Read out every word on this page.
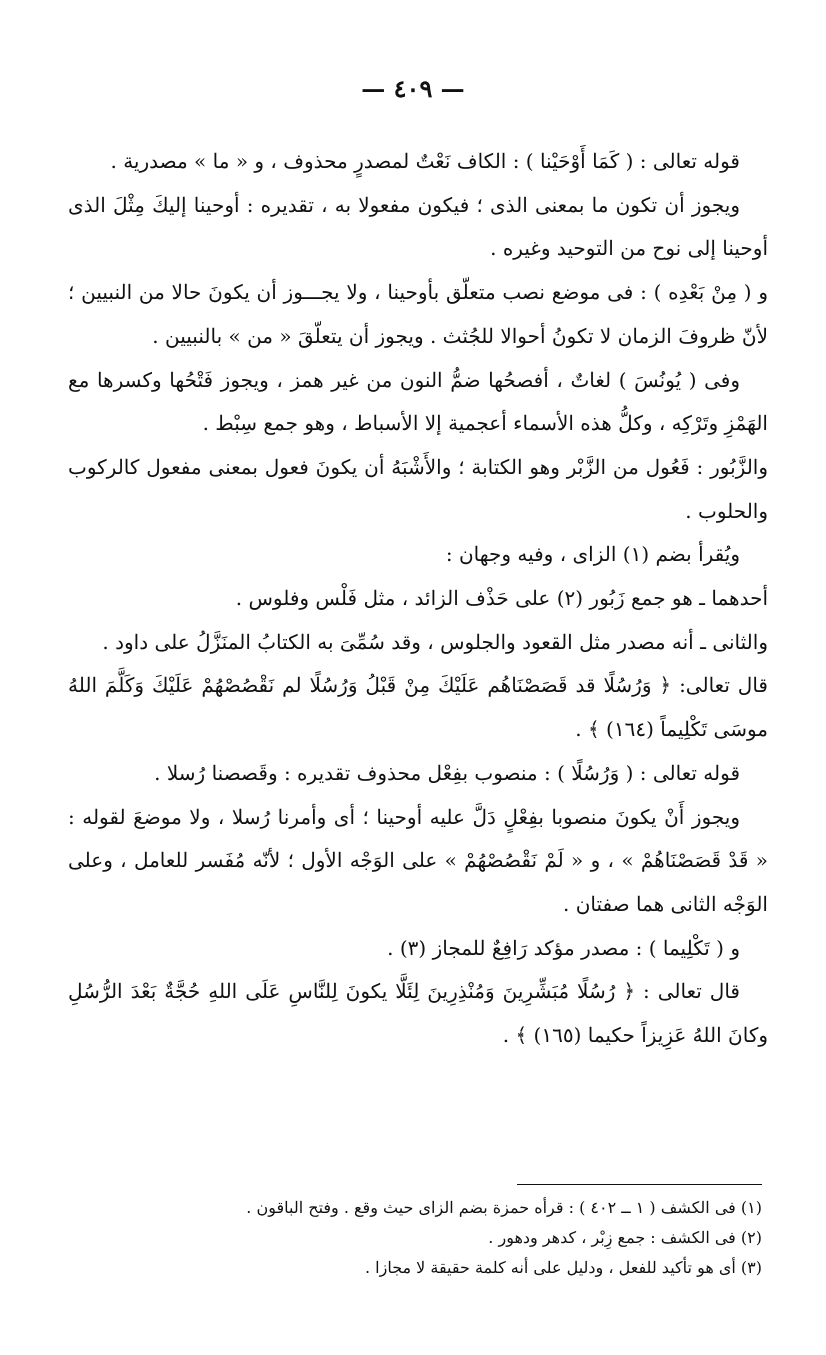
— ٤٠٩ —

قوله تعالى : ( كَمَا أَوْحَيْنا ) : الكاف نَعْتٌ لمصدرٍ محذوف ، و « ما » مصدرية .

ويجوز أن تكون ما بمعنى الذى ؛ فيكون مفعولا به ، تقديره : أوحينا إليكَ مِثْلَ الذى أوحينا إلى نوح من التوحيد وغيره .

و ( مِنْ بَعْدِه ) : فى موضع نصب متعلّق بأوحينا ، ولا يجـــوز أن يكونَ حالا من النبيين ؛ لأنّ ظروفَ الزمان لا تكونُ أحوالا للجُثث . ويجوز أن يتعلّقَ « من » بالنبيين .

وفى ( يُونُسَ ) لغاتٌ ، أفصحُها ضمُّ النون من غير همز ، ويجوز فَتْحُها وكسرها مع الهَمْزِ وتَرْكِه ، وكلُّ هذه الأسماء أعجمية إلا الأسباط ، وهو جمع سِبْط .

والزَّبُور : فَعُول من الزَّبْر وهو الكتابة ؛ والأَشْبَهُ أن يكونَ فعول بمعنى مفعول كالركوب والحلوب .

ويُقرأ بضم (١) الزاى ، وفيه وجهان :

أحدهما ـ هو جمع زَبُور (٢) على حَذْف الزائد ، مثل فَلْس وفلوس .

والثانى ـ أنه مصدر مثل القعود والجلوس ، وقد سُمِّىَ به الكتابُ المنَزَّلُ على داود .

قال تعالى: ﴿ وَرُسُلًا قد قَصَصْنَاهُم عَلَيْكَ مِنْ قَبْلُ وَرُسُلًا لم نَقْصُصْهُمْ عَلَيْكَ وَكَلَّمَ اللهُ موسَى تَكْلِيماً (١٦٤) ﴾ .

قوله تعالى : ( وَرُسُلًا ) : منصوب بفِعْل محذوف تقديره : وقَصصنا رُسلا .

ويجوز أَنْ يكونَ منصوبا بفِعْلٍ دَلَّ عليه أوحينا ؛ أى وأمرنا رُسلا ، ولا موضعَ لقوله : « قَدْ قَصَصْنَاهُمْ » ، و « لَمْ نَقْصُصْهُمْ » على الوَجْه الأول ؛ لأنّه مُفَسر للعامل ، وعلى الوَجْه الثانى هما صفتان .

و ( تَكْلِيما ) : مصدر مؤكد رَافِعٌ للمجاز (٣) .

قال تعالى : ﴿ رُسُلًا مُبَشِّرِينَ وَمُنْذِرِينَ لِئَلَّا يكونَ لِلنَّاسِ عَلَى اللهِ حُجَّةٌ بَعْدَ الرُّسُلِ وكانَ اللهُ عَزِيزاً حكيما (١٦٥) ﴾ .

(١) فى الكشف ( ١ ــ ٤٠٢ ) : قرأه حمزة بضم الزاى حيث وقع . وفتح الباقون .

(٢) فى الكشف : جمع زِبْر ، كدهر ودهور .

(٣) أى هو تأكيد للفعل ، ودليل على أنه كلمة حقيقة لا مجازا .
